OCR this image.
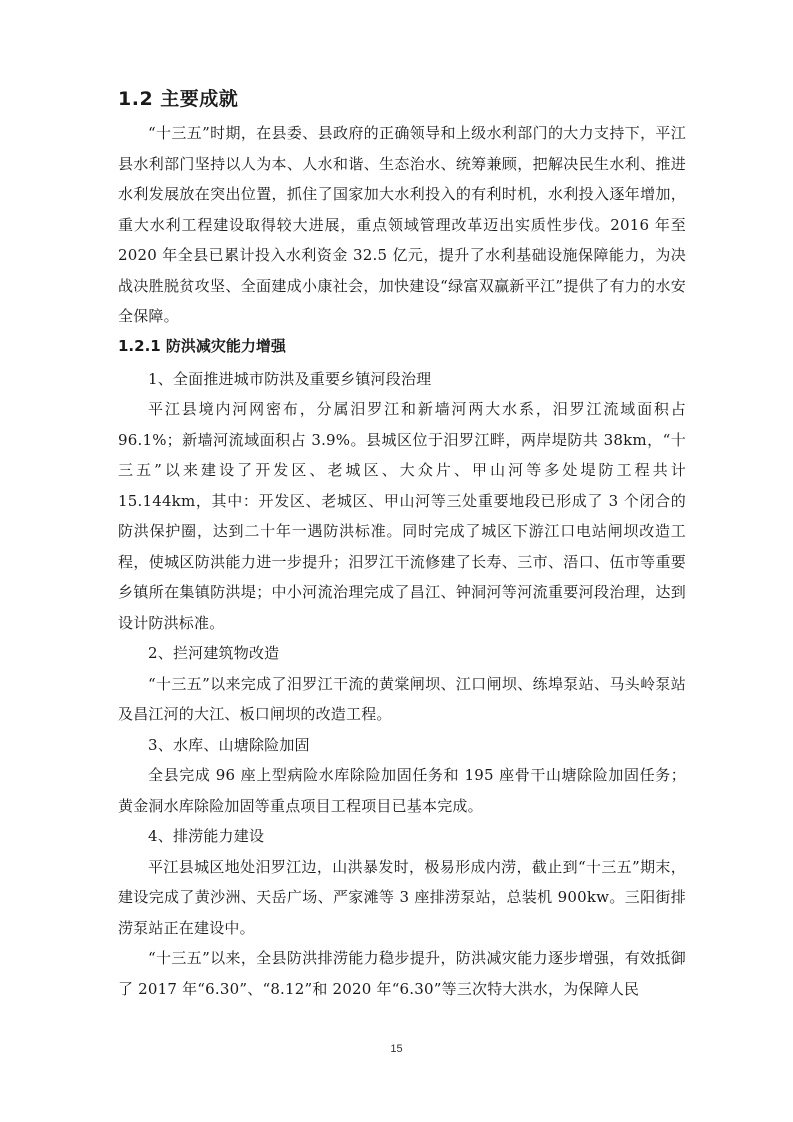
1.2 主要成就

“十三五”时期，在县委、县政府的正确领导和上级水利部门的大力支持下，平江县水利部门坚持以人为本、人水和谐、生态治水、统筹兼顾，把解决民生水利、推进水利发展放在突出位置，抓住了国家加大水利投入的有利时机，水利投入逐年增加，重大水利工程建设取得较大进展，重点领域管理改革迈出实质性步伐。2016 年至 2020 年全县已累计投入水利资金 32.5 亿元，提升了水利基础设施保障能力，为决战决胜脱贫攻坚、全面建成小康社会，加快建设“绿富双赢新平江”提供了有力的水安全保障。

1.2.1 防洪减灾能力增强

1、全面推进城市防洪及重要乡镇河段治理

平江县境内河网密布，分属汨罗江和新墙河两大水系，汨罗江流域面积占 96.1%；新墙河流域面积占 3.9%。县城区位于汨罗江畔，两岸堤防共 38km，“十三五”以来建设了开发区、老城区、大众片、甲山河等多处堤防工程共计 15.144km，其中：开发区、老城区、甲山河等三处重要地段已形成了 3 个闭合的防洪保护圈，达到二十年一遇防洪标准。同时完成了城区下游江口电站闸坝改造工程，使城区防洪能力进一步提升；汨罗江干流修建了长寿、三市、浯口、伍市等重要乡镇所在集镇防洪堤；中小河流治理完成了昌江、钟洞河等河流重要河段治理，达到设计防洪标准。

2、拦河建筑物改造

“十三五”以来完成了汨罗江干流的黄棠闸坝、江口闸坝、练埠泵站、马头岭泵站及昌江河的大江、板口闸坝的改造工程。

3、水库、山塘除险加固

全县完成 96 座上型病险水库除险加固任务和 195 座骨干山塘除险加固任务；黄金洞水库除险加固等重点项目工程项目已基本完成。

4、排涝能力建设

平江县城区地处汨罗江边，山洪暴发时，极易形成内涝，截止到“十三五”期末，建设完成了黄沙洲、天岳广场、严家滩等 3 座排涝泵站，总装机 900kw。三阳街排涝泵站正在建设中。

“十三五”以来，全县防洪排涝能力稳步提升，防洪减灾能力逐步增强，有效抵御了 2017 年“6.30”、“8.12”和 2020 年“6.30”等三次特大洪水，为保障人民

15
